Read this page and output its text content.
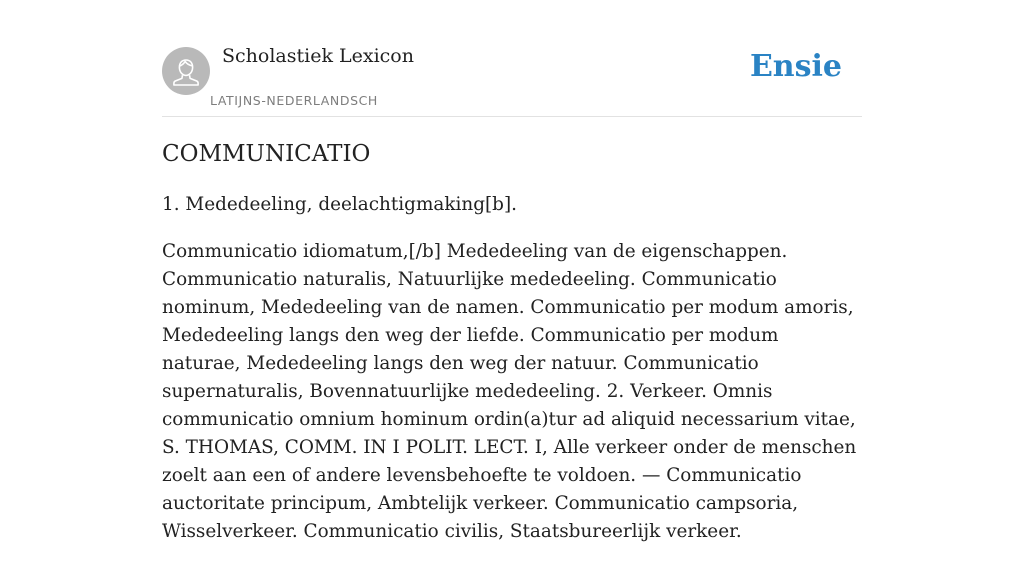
Scholastiek Lexicon
LATIJNS-NEDERLANDSCH
Ensie
COMMUNICATIO

1. Mededeeling, deelachtigmaking[b].

Communicatio idiomatum,[/b] Mededeeling van de eigenschappen. Communicatio naturalis, Natuurlijke mededeeling. Communicatio nominum, Mededeeling van de namen. Communicatio per modum amoris, Mededeeling langs den weg der liefde. Communicatio per modum naturae, Mededeeling langs den weg der natuur. Communicatio supernaturalis, Bovennatuurlijke mededeeling. 2. Verkeer. Omnis communicatio omnium hominum ordin(a)tur ad aliquid necessarium vitae, S. THOMAS, COMM. IN I POLIT. LECT. I, Alle verkeer onder de menschen zoelt aan een of andere levensbehoefte te voldoen. — Communicatio auctoritate principum, Ambtelijk verkeer. Communicatio campsoria, Wisselverkeer. Communicatio civilis, Staatsbureerlijk verkeer.
